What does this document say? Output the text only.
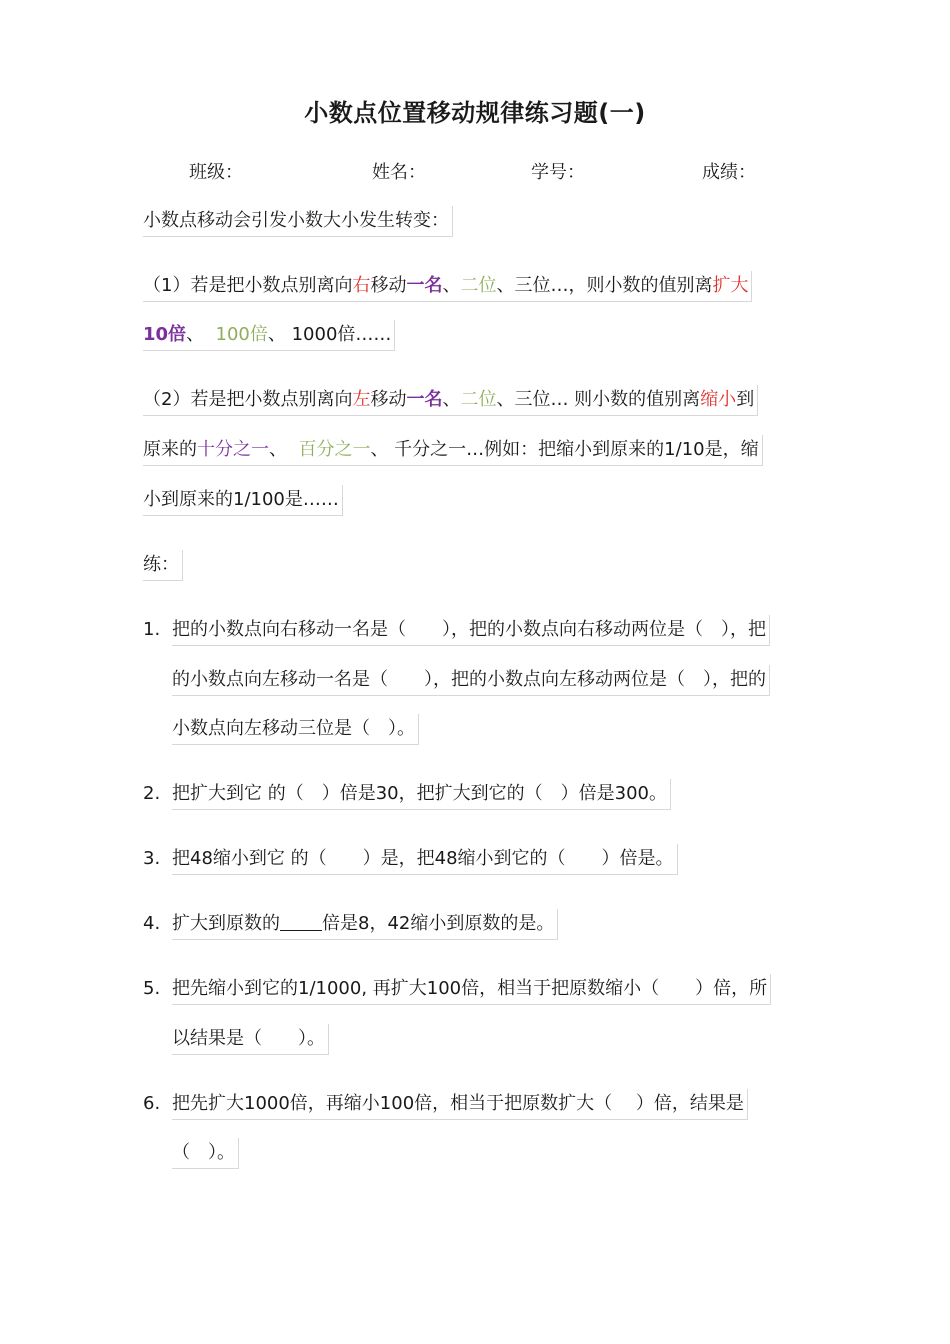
小数点位置移动规律练习题(一)
班级：	姓名：	学号：	成绩：
小数点移动会引发小数大小发生转变：
（1）若是把小数点别离向右移动一名、二位、三位…，则小数的值别离扩大
10倍、 100倍、 1000倍……
（2）若是把小数点别离向左移动一名、二位、三位… 则小数的值别离缩小到
原来的十分之一、 百分之一、 千分之一…例如：把缩小到原来的1/10是，缩
小到原来的1/100是……
练：
1. 把的小数点向右移动一名是（　　），把的小数点向右移动两位是（　），把
的小数点向左移动一名是（　　），把的小数点向左移动两位是（　），把的
小数点向左移动三位是（　）。
2. 把扩大到它 的（　）倍是30，把扩大到它的（　）倍是300。
3. 把48缩小到它 的（　　）是，把48缩小到它的（　　）倍是。
4. 扩大到原数的 倍是8，42缩小到原数的是。
5. 把先缩小到它的1/1000, 再扩大100倍，相当于把原数缩小（　　）倍，所
以结果是（　　）。
6. 把先扩大1000倍，再缩小100倍，相当于把原数扩大（　 ）倍，结果是
（　）。
